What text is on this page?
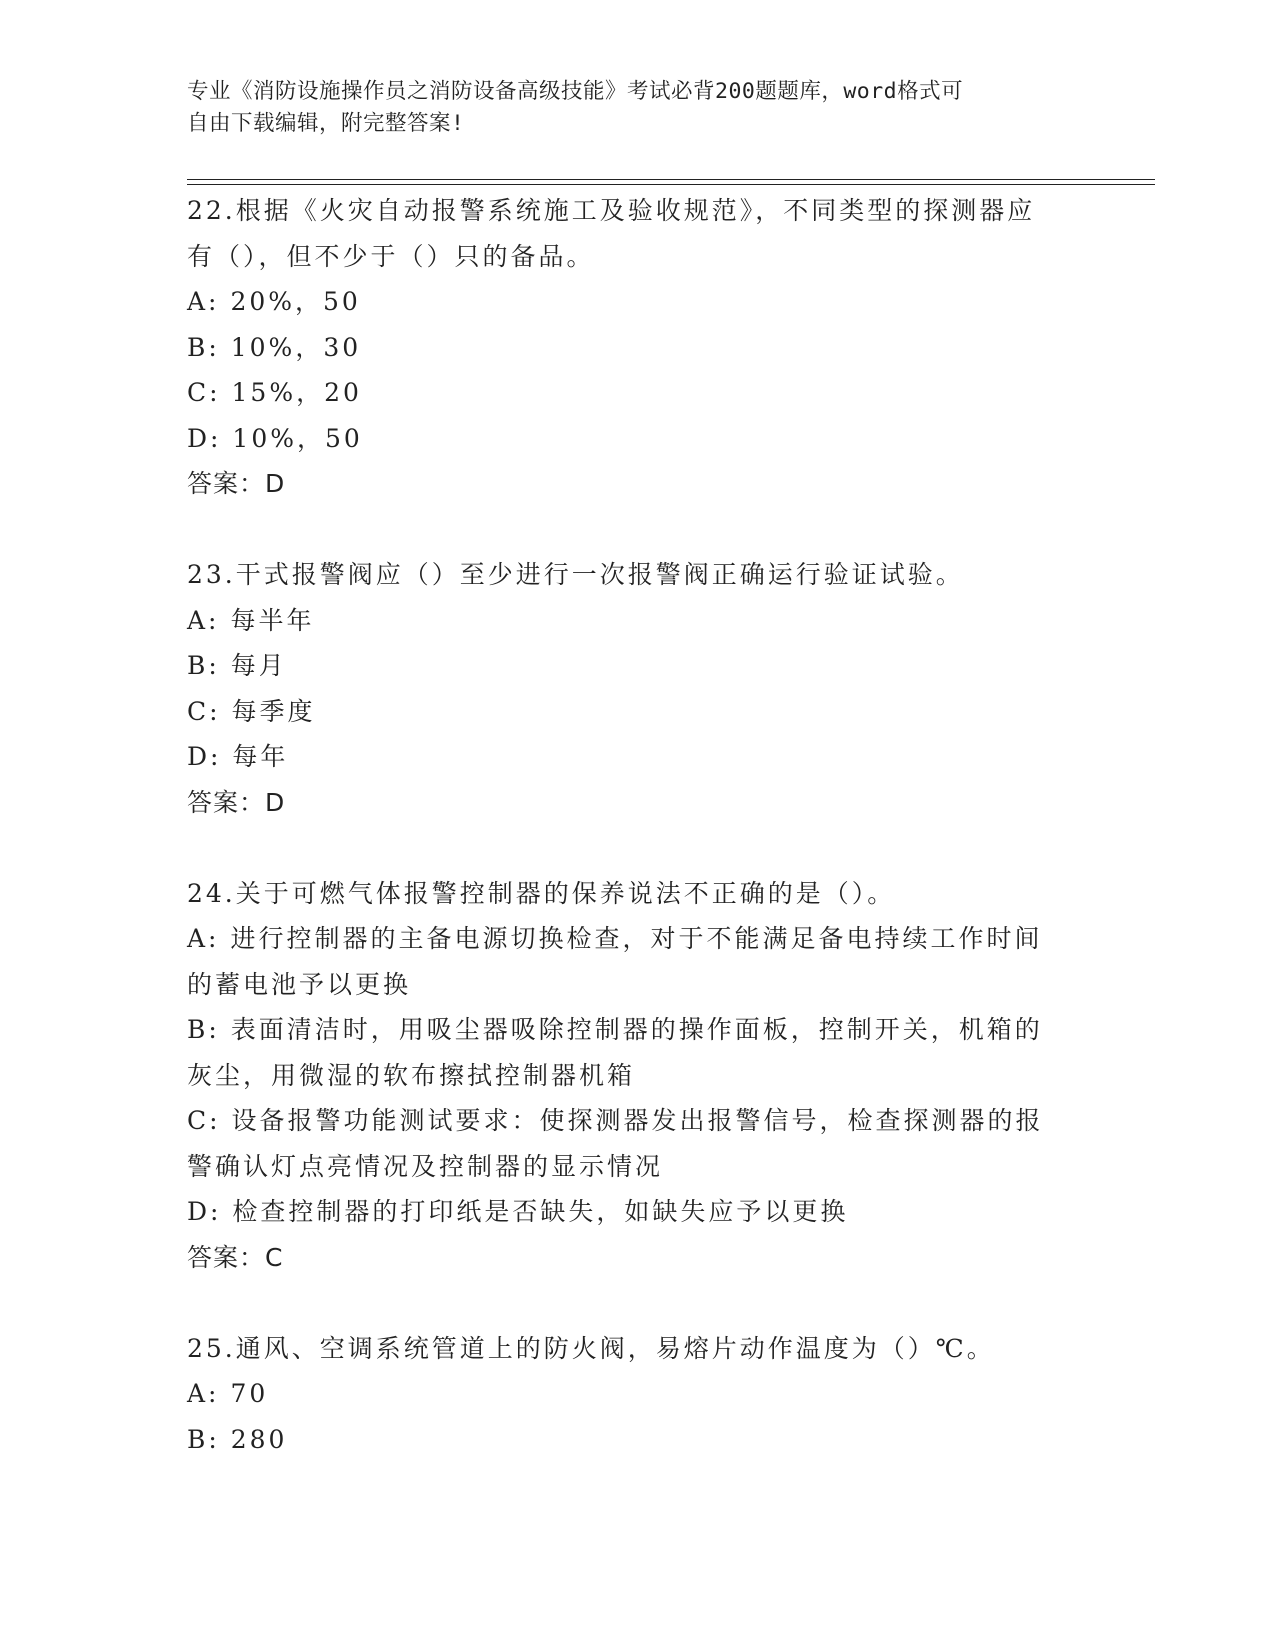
专业《消防设施操作员之消防设备高级技能》考试必背200题题库，word格式可
自由下载编辑，附完整答案!
22.根据《火灾自动报警系统施工及验收规范》，不同类型的探测器应
有（），但不少于（）只的备品。
A: 20%，50
B: 10%，30
C: 15%，20
D: 10%，50
答案：D
23.干式报警阀应（）至少进行一次报警阀正确运行验证试验。
A: 每半年
B: 每月
C: 每季度
D: 每年
答案：D
24.关于可燃气体报警控制器的保养说法不正确的是（）。
A: 进行控制器的主备电源切换检查，对于不能满足备电持续工作时间
的蓄电池予以更换
B: 表面清洁时，用吸尘器吸除控制器的操作面板，控制开关，机箱的
灰尘，用微湿的软布擦拭控制器机箱
C: 设备报警功能测试要求：使探测器发出报警信号，检查探测器的报
警确认灯点亮情况及控制器的显示情况
D: 检查控制器的打印纸是否缺失，如缺失应予以更换
答案：C
25.通风、空调系统管道上的防火阀，易熔片动作温度为（）℃。
A: 70
B: 280
